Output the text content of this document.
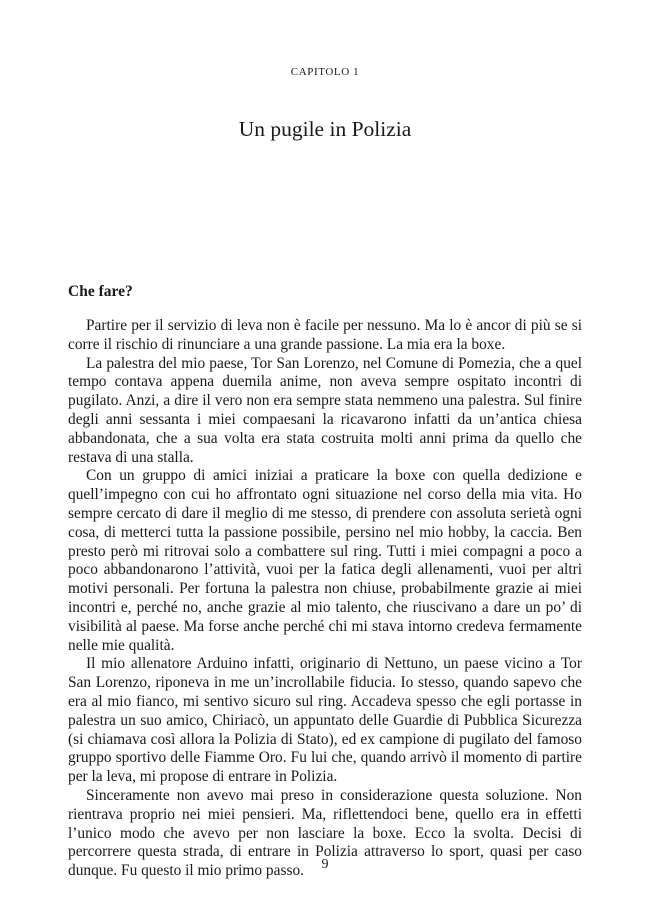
CAPITOLO 1
Un pugile in Polizia
Che fare?

Partire per il servizio di leva non è facile per nessuno. Ma lo è ancor di più se si corre il rischio di rinunciare a una grande passione. La mia era la boxe.

La palestra del mio paese, Tor San Lorenzo, nel Comune di Pomezia, che a quel tempo contava appena duemila anime, non aveva sempre ospitato incontri di pugilato. Anzi, a dire il vero non era sempre stata nemmeno una palestra. Sul finire degli anni sessanta i miei compaesani la ricavarono infatti da un’antica chiesa abbandonata, che a sua volta era stata costruita molti anni prima da quello che restava di una stalla.

Con un gruppo di amici iniziai a praticare la boxe con quella dedizione e quell’impegno con cui ho affrontato ogni situazione nel corso della mia vita. Ho sempre cercato di dare il meglio di me stesso, di prendere con assoluta serietà ogni cosa, di metterci tutta la passione possibile, persino nel mio hobby, la caccia. Ben presto però mi ritrovai solo a combattere sul ring. Tutti i miei compagni a poco a poco abbandonarono l’attività, vuoi per la fatica degli allenamenti, vuoi per altri motivi personali. Per fortuna la palestra non chiuse, probabilmente grazie ai miei incontri e, perché no, anche grazie al mio talento, che riuscivano a dare un po’ di visibilità al paese. Ma forse anche perché chi mi stava intorno credeva fermamente nelle mie qualità.

Il mio allenatore Arduino infatti, originario di Nettuno, un paese vicino a Tor San Lorenzo, riponeva in me un’incrollabile fiducia. Io stesso, quando sapevo che era al mio fianco, mi sentivo sicuro sul ring. Accadeva spesso che egli portasse in palestra un suo amico, Chiriacò, un appuntato delle Guardie di Pubblica Sicurezza (si chiamava così allora la Polizia di Stato), ed ex campione di pugilato del famoso gruppo sportivo delle Fiamme Oro. Fu lui che, quando arrivò il momento di partire per la leva, mi propose di entrare in Polizia.

Sinceramente non avevo mai preso in considerazione questa soluzione. Non rientrava proprio nei miei pensieri. Ma, riflettendoci bene, quello era in effetti l’unico modo che avevo per non lasciare la boxe. Ecco la svolta. Decisi di percorrere questa strada, di entrare in Polizia attraverso lo sport, quasi per caso dunque. Fu questo il mio primo passo.	9
